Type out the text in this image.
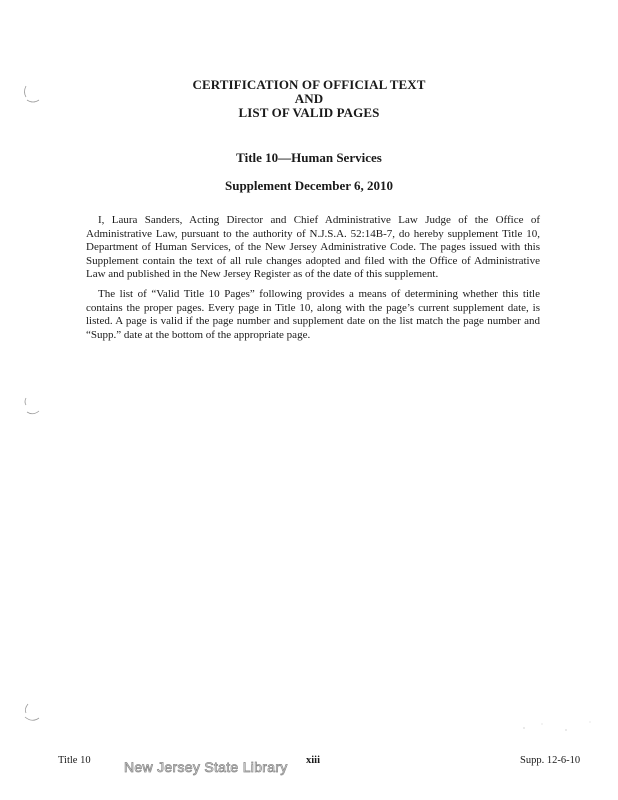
CERTIFICATION OF OFFICIAL TEXT
AND
LIST OF VALID PAGES
Title 10—Human Services
Supplement December 6, 2010

I, Laura Sanders, Acting Director and Chief Administrative Law Judge of the Office of Administrative Law, pursuant to the authority of N.J.S.A. 52:14B-7, do hereby supplement Title 10, Department of Human Services, of the New Jersey Administrative Code. The pages issued with this Supplement contain the text of all rule changes adopted and filed with the Office of Administrative Law and published in the New Jersey Register as of the date of this supplement.

The list of “Valid Title 10 Pages” following provides a means of determining whether this title contains the proper pages. Every page in Title 10, along with the page’s current supplement date, is listed. A page is valid if the page number and supplement date on the list match the page number and “Supp.” date at the bottom of the appropriate page.

Title 10	xiii	Supp. 12-6-10
New Jersey State Library
